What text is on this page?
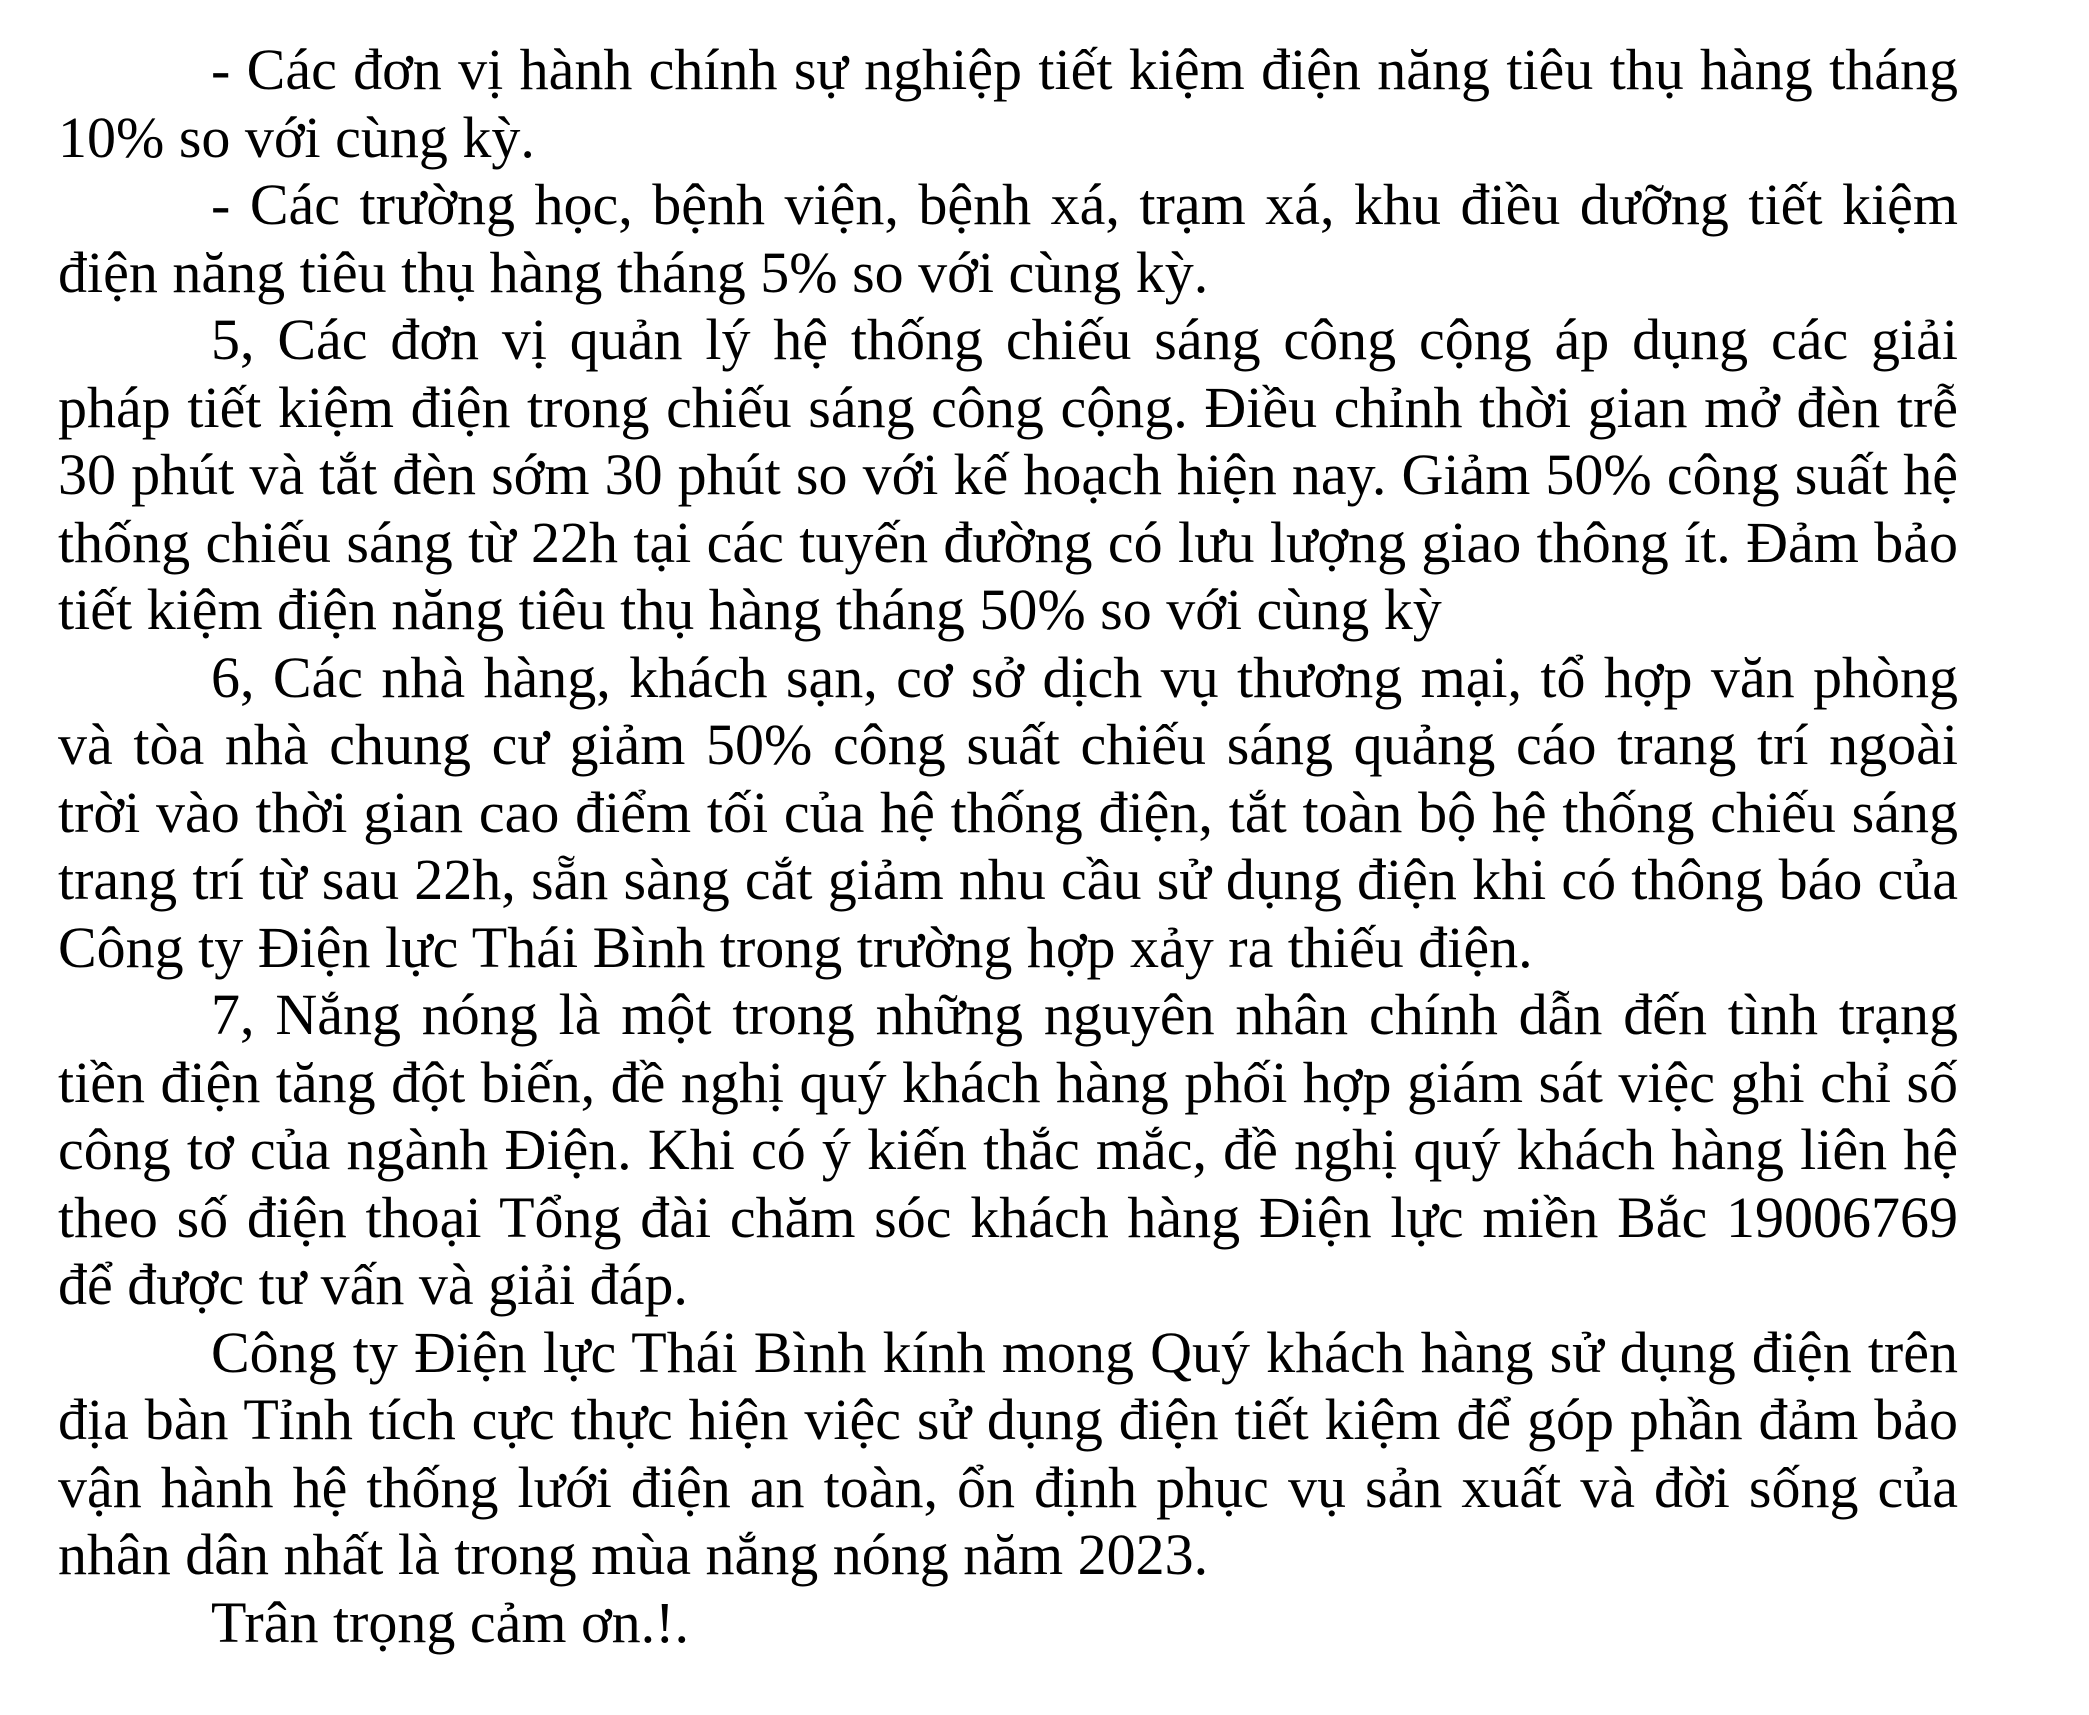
- Các đơn vị hành chính sự nghiệp tiết kiệm điện năng tiêu thụ hàng tháng 10% so với cùng kỳ.

- Các trường học, bệnh viện, bệnh xá, trạm xá, khu điều dưỡng tiết kiệm điện năng tiêu thụ hàng tháng 5% so với cùng kỳ.

5, Các đơn vị quản lý hệ thống chiếu sáng công cộng áp dụng các giải pháp tiết kiệm điện trong chiếu sáng công cộng. Điều chỉnh thời gian mở đèn trễ 30 phút và tắt đèn sớm 30 phút so với kế hoạch hiện nay. Giảm 50% công suất hệ thống chiếu sáng từ 22h tại các tuyến đường có lưu lượng giao thông ít. Đảm bảo tiết kiệm điện năng tiêu thụ hàng tháng 50% so với cùng kỳ

6, Các nhà hàng, khách sạn, cơ sở dịch vụ thương mại, tổ hợp văn phòng và tòa nhà chung cư giảm 50% công suất chiếu sáng quảng cáo trang trí ngoài trời vào thời gian cao điểm tối của hệ thống điện, tắt toàn bộ hệ thống chiếu sáng trang trí từ sau 22h, sẵn sàng cắt giảm nhu cầu sử dụng điện khi có thông báo của Công ty Điện lực Thái Bình trong trường hợp xảy ra thiếu điện.

7, Nắng nóng là một trong những nguyên nhân chính dẫn đến tình trạng tiền điện tăng đột biến, đề nghị quý khách hàng phối hợp giám sát việc ghi chỉ số công tơ của ngành Điện. Khi có ý kiến thắc mắc, đề nghị quý khách hàng liên hệ theo số điện thoại Tổng đài chăm sóc khách hàng Điện lực miền Bắc 19006769 để được tư vấn và giải đáp.

Công ty Điện lực Thái Bình kính mong Quý khách hàng sử dụng điện trên địa bàn Tỉnh tích cực thực hiện việc sử dụng điện tiết kiệm để góp phần đảm bảo vận hành hệ thống lưới điện an toàn, ổn định phục vụ sản xuất và đời sống của nhân dân nhất là trong mùa nắng nóng năm 2023.

Trân trọng cảm ơn.!.
